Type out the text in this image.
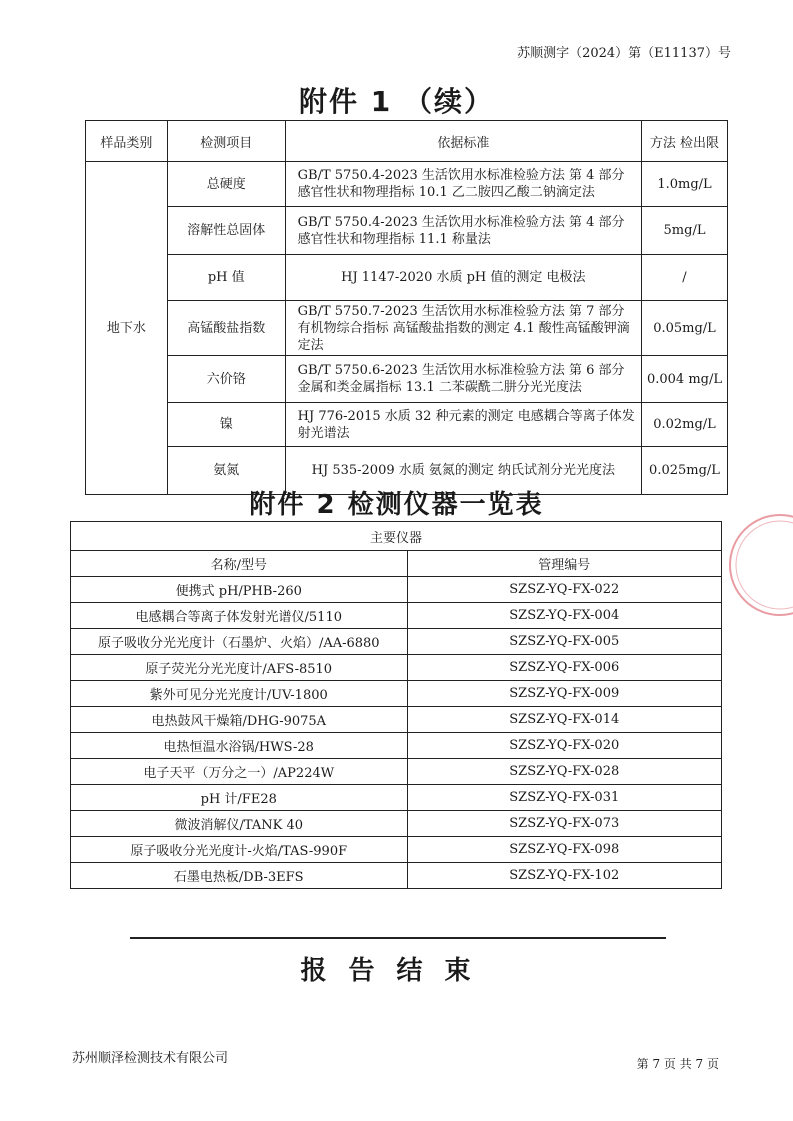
苏顺测字（2024）第（E11137）号
附件 1 （续）
样品类别	检测项目	依据标准	方法 检出限
地下水	总硬度	GB/T 5750.4-2023 生活饮用水标准检验方法 第 4 部分 感官性状和物理指标 10.1 乙二胺四乙酸二钠滴定法	1.0mg/L
	溶解性总固体	GB/T 5750.4-2023 生活饮用水标准检验方法 第 4 部分 感官性状和物理指标 11.1 称量法	5mg/L
	pH 值	HJ 1147-2020 水质 pH 值的测定 电极法	/
	高锰酸盐指数	GB/T 5750.7-2023 生活饮用水标准检验方法 第 7 部分 有机物综合指标 高锰酸盐指数的测定 4.1 酸性高锰酸钾滴定法	0.05mg/L
	六价铬	GB/T 5750.6-2023 生活饮用水标准检验方法 第 6 部分 金属和类金属指标 13.1 二苯碳酰二肼分光光度法	0.004 mg/L
	镍	HJ 776-2015 水质 32 种元素的测定 电感耦合等离子体发射光谱法	0.02mg/L
	氨氮	HJ 535-2009 水质 氨氮的测定 纳氏试剂分光光度法	0.025mg/L
附件 2 检测仪器一览表
主要仪器	
名称/型号	管理编号
便携式 pH/PHB-260	SZSZ-YQ-FX-022
电感耦合等离子体发射光谱仪/5110	SZSZ-YQ-FX-004
原子吸收分光光度计（石墨炉、火焰）/AA-6880	SZSZ-YQ-FX-005
原子荧光分光光度计/AFS-8510	SZSZ-YQ-FX-006
紫外可见分光光度计/UV-1800	SZSZ-YQ-FX-009
电热鼓风干燥箱/DHG-9075A	SZSZ-YQ-FX-014
电热恒温水浴锅/HWS-28	SZSZ-YQ-FX-020
电子天平（万分之一）/AP224W	SZSZ-YQ-FX-028
pH 计/FE28	SZSZ-YQ-FX-031
微波消解仪/TANK 40	SZSZ-YQ-FX-073
原子吸收分光光度计-火焰/TAS-990F	SZSZ-YQ-FX-098
石墨电热板/DB-3EFS	SZSZ-YQ-FX-102
报告结束
苏州顺泽检测技术有限公司	第 7 页 共 7 页
